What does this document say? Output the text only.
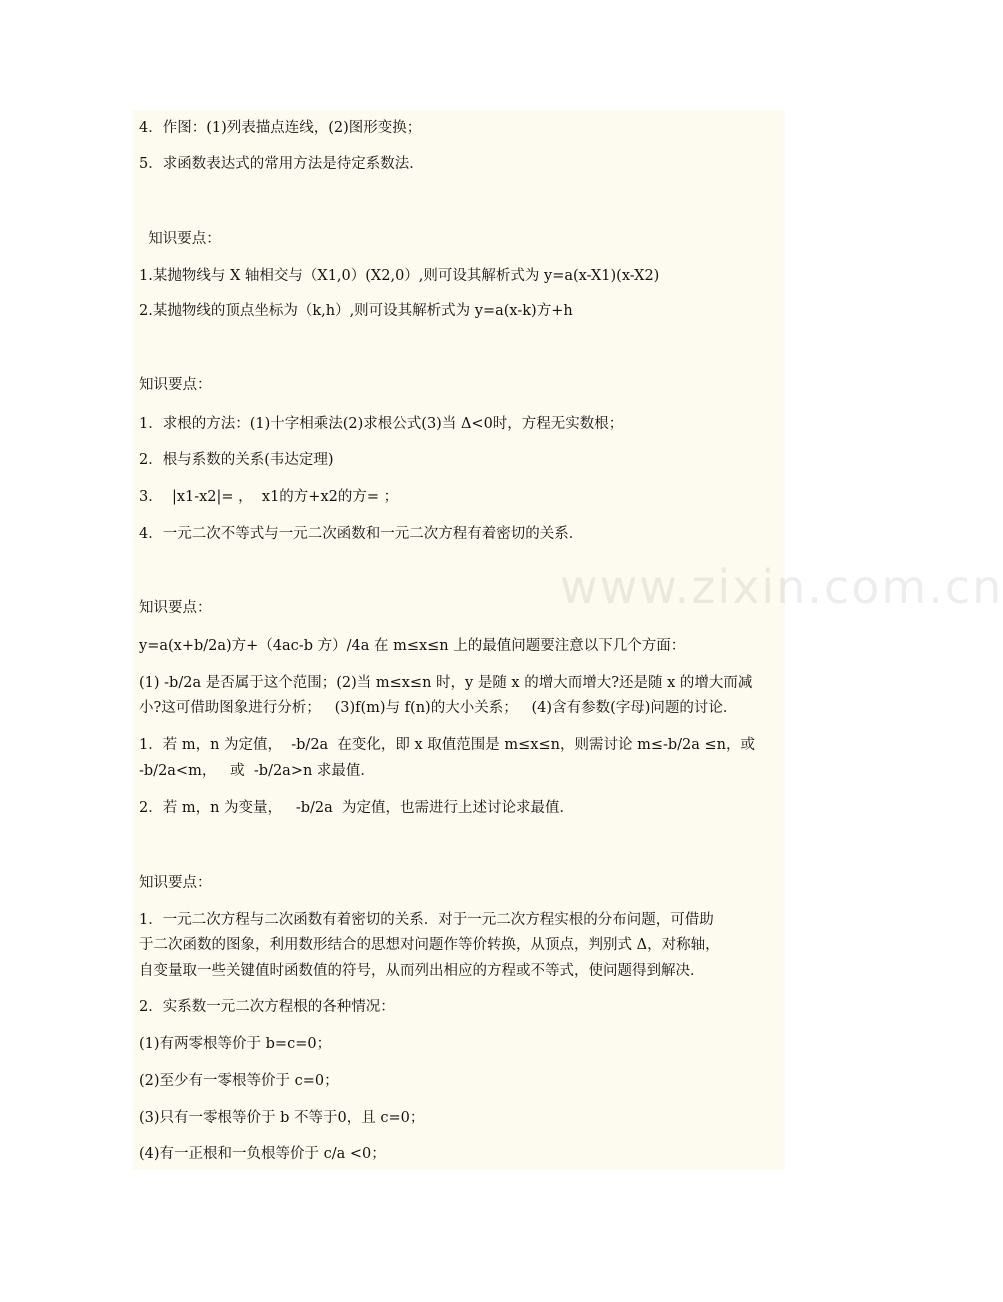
www.zixin.com.cn
4．作图：(1)列表描点连线，(2)图形变换；
5．求函数表达式的常用方法是待定系数法．
知识要点：
1.某抛物线与 X 轴相交与（X1,0）(X2,0）,则可设其解析式为 y=a(x-X1)(x-X2)
2.某抛物线的顶点坐标为（k,h）,则可设其解析式为 y=a(x-k)方+h
知识要点：
1．求根的方法：(1)十字相乘法(2)求根公式(3)当 Δ<0时，方程无实数根；
2．根与系数的关系(韦达定理)
3．  |x1-x2|= ，  x1的方+x2的方= ；
4．一元二次不等式与一元二次函数和一元二次方程有着密切的关系．
知识要点：
y=a(x+b/2a)方+（4ac-b 方）/4a 在 m≤x≤n 上的最值问题要注意以下几个方面：
(1) -b/2a 是否属于这个范围；(2)当 m≤x≤n 时，y 是随 x 的增大而增大?还是随 x 的增大而减
小?这可借助图象进行分析；   (3)f(m)与 f(n)的大小关系；   (4)含有参数(字母)问题的讨论．
1．若 m，n 为定值，  -b/2a  在变化，即 x 取值范围是 m≤x≤n，则需讨论 m≤-b/2a ≤n，或
-b/2a<m，   或  -b/2a>n 求最值．
2．若 m，n 为变量，   -b/2a  为定值，也需进行上述讨论求最值．
知识要点：
1．一元二次方程与二次函数有着密切的关系．对于一元二次方程实根的分布问题，可借助
于二次函数的图象，利用数形结合的思想对问题作等价转换，从顶点，判别式 Δ，对称轴，
自变量取一些关键值时函数值的符号，从而列出相应的方程或不等式，使问题得到解决．
2．实系数一元二次方程根的各种情况：
(1)有两零根等价于 b=c=0；
(2)至少有一零根等价于 c=0；
(3)只有一零根等价于 b 不等于0，且 c=0；
(4)有一正根和一负根等价于 c/a <0；
